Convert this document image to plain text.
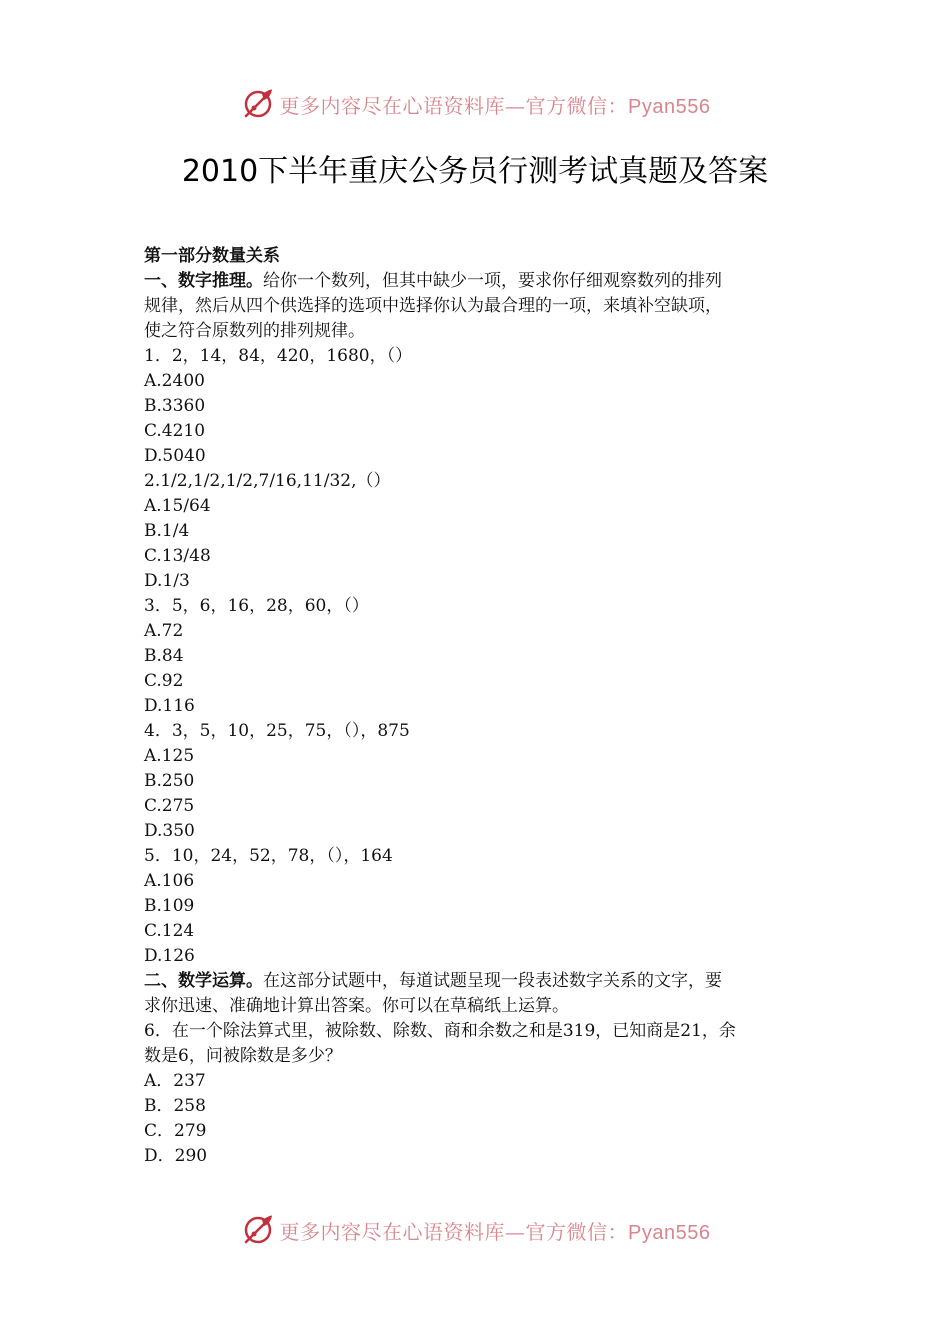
更多内容尽在心语资料库—官方微信：Pyan556
2010下半年重庆公务员行测考试真题及答案

第一部分数量关系

一、数字推理。给你一个数列，但其中缺少一项，要求你仔细观察数列的排列

规律，然后从四个供选择的选项中选择你认为最合理的一项，来填补空缺项，

使之符合原数列的排列规律。

1．2，14，84，420，1680，（）

A.2400

B.3360

C.4210

D.5040

2.1/2,1/2,1/2,7/16,11/32,（）

A.15/64

B.1/4

C.13/48

D.1/3

3．5，6，16，28，60，（）

A.72

B.84

C.92

D.116

4．3，5，10，25，75，（），875

A.125

B.250

C.275

D.350

5．10，24，52，78，（），164

A.106

B.109

C.124

D.126

二、数学运算。在这部分试题中，每道试题呈现一段表述数字关系的文字，要

求你迅速、准确地计算出答案。你可以在草稿纸上运算。

6．在一个除法算式里，被除数、除数、商和余数之和是319，已知商是21，余

数是6，问被除数是多少？

A．237

B．258

C．279

D．290

更多内容尽在心语资料库—官方微信：Pyan556
